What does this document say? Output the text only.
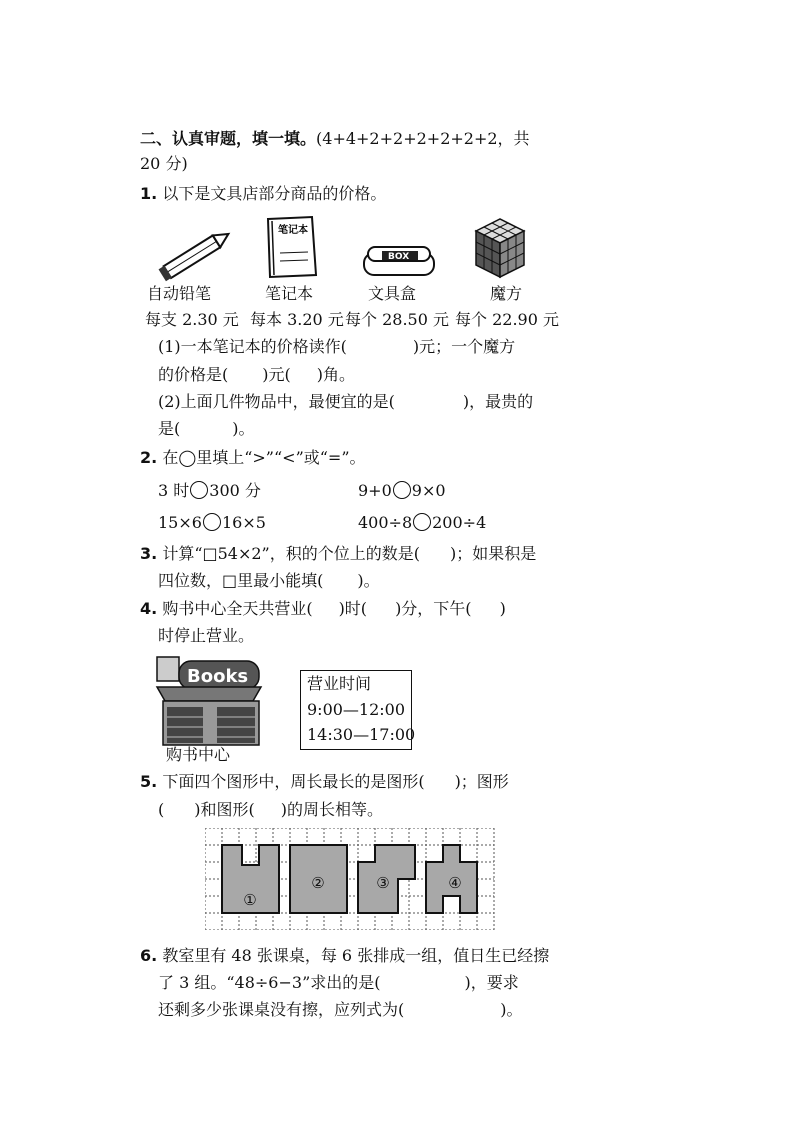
二、认真审题，填一填。(4+4+2+2+2+2+2+2，共
20 分)
1. 以下是文具店部分商品的价格。
笔记本
BOX
自动铅笔	笔记本	文具盒	魔方
每支 2.30 元 每本 3.20 元 每个 28.50 元 每个 22.90 元
(1)一本笔记本的价格读作(	)元；一个魔方
的价格是( )元( )角。
(2)上面几件物品中，最便宜的是(	)，最贵的
是(	)。
2. 在◯里填上“>”“<”或“=”。
3 时 300 分	9+0 9×0
15×6 16×5	400÷8 200÷4
3. 计算“□54×2”，积的个位上的数是( )；如果积是
四位数，□里最小能填( )。
4. 购书中心全天共营业( )时( )分，下午( )
时停止营业。
Books
购书中心
营业时间
9:00—12:00
14:30—17:00
5. 下面四个图形中，周长最长的是图形( )；图形
( )和图形( )的周长相等。
①
②	③	④
6. 教室里有 48 张课桌，每 6 张排成一组，值日生已经擦
了 3 组。“48÷6−3”求出的是(	)，要求
还剩多少张课桌没有擦，应列式为(	)。
